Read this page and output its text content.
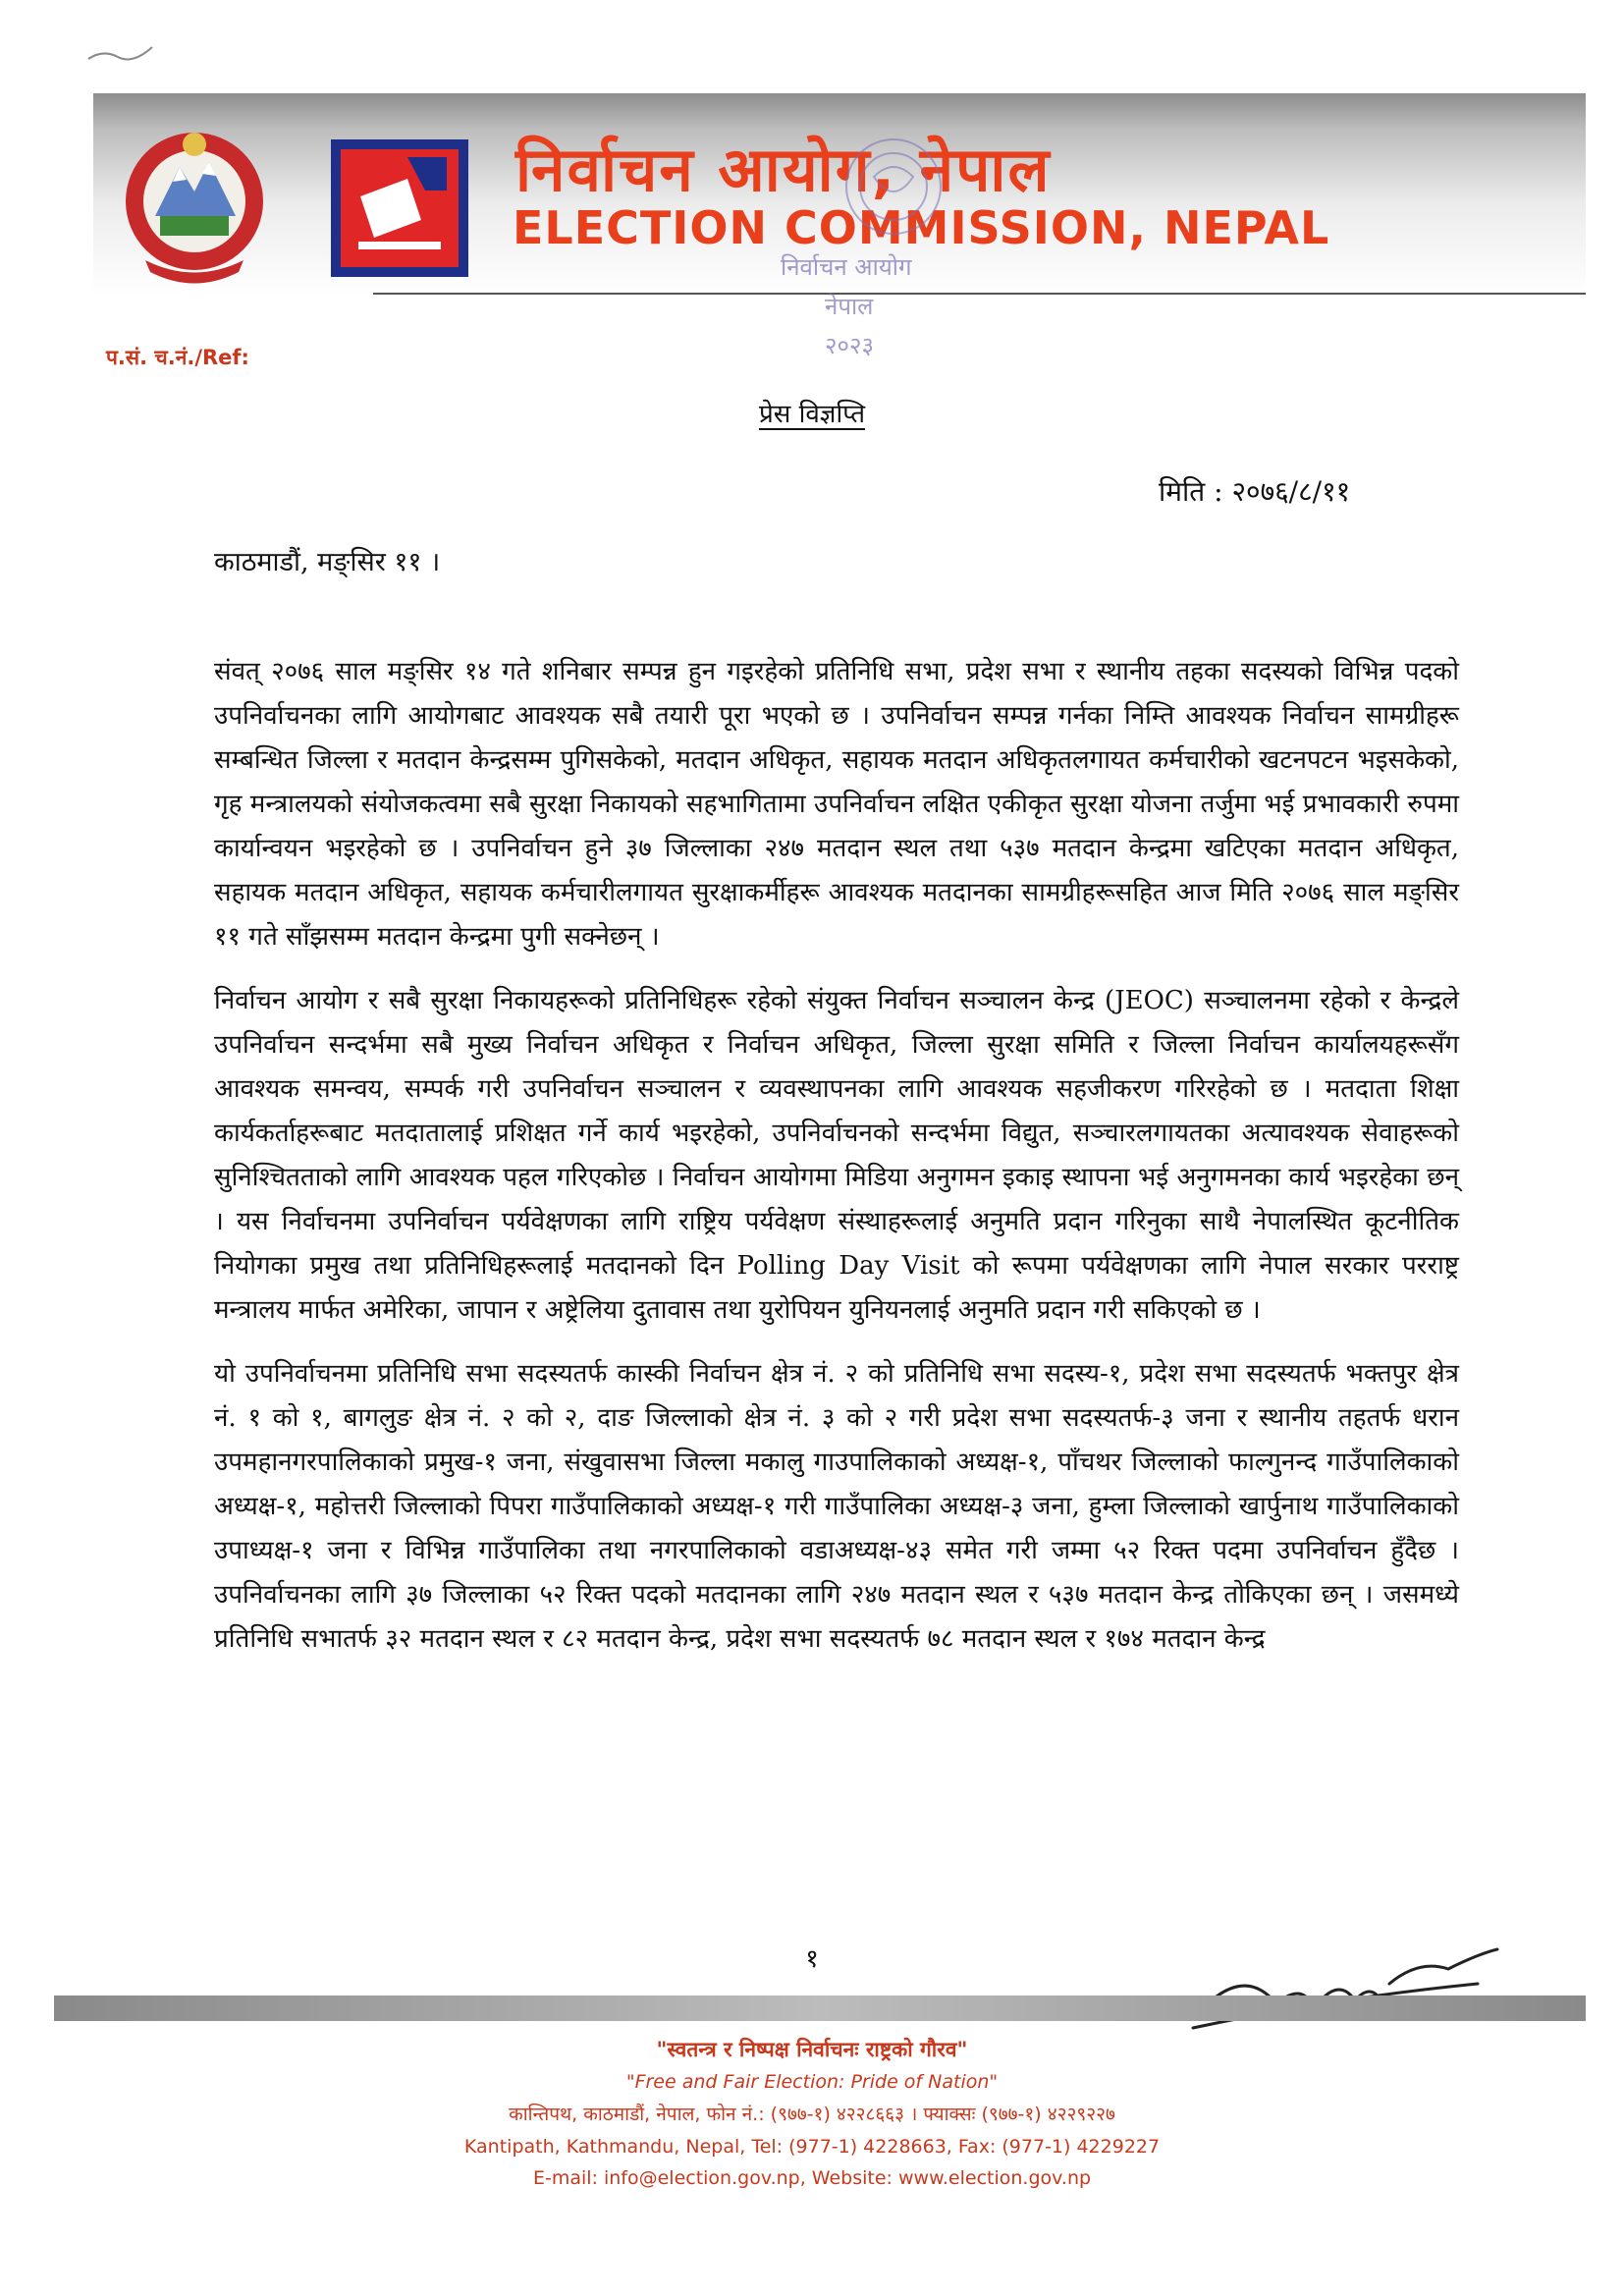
निर्वाचन आयोग, नेपाल
ELECTION COMMISSION, NEPAL
निर्वाचन आयोग
नेपाल
२०२३
प.सं. च.नं./Ref:
प्रेस विज्ञप्ति
मिति : २०७६/८/११
काठमाडौं, मङ्सिर ११ ।

संवत् २०७६ साल मङ्सिर १४ गते शनिबार सम्पन्न हुन गइरहेको प्रतिनिधि सभा, प्रदेश सभा र स्थानीय तहका सदस्यको विभिन्न पदको उपनिर्वाचनका लागि आयोगबाट आवश्यक सबै तयारी पूरा भएको छ । उपनिर्वाचन सम्पन्न गर्नका निम्ति आवश्यक निर्वाचन सामग्रीहरू सम्बन्धित जिल्ला र मतदान केन्द्रसम्म पुगिसकेको, मतदान अधिकृत, सहायक मतदान अधिकृतलगायत कर्मचारीको खटनपटन भइसकेको, गृह मन्त्रालयको संयोजकत्वमा सबै सुरक्षा निकायको सहभागितामा उपनिर्वाचन लक्षित एकीकृत सुरक्षा योजना तर्जुमा भई प्रभावकारी रुपमा कार्यान्वयन भइरहेको छ । उपनिर्वाचन हुने ३७ जिल्लाका २४७ मतदान स्थल तथा ५३७ मतदान केन्द्रमा खटिएका मतदान अधिकृत, सहायक मतदान अधिकृत, सहायक कर्मचारीलगायत सुरक्षाकर्मीहरू आवश्यक मतदानका सामग्रीहरूसहित आज मिति २०७६ साल मङ्सिर ११ गते साँझसम्म मतदान केन्द्रमा पुगी सक्नेछन् ।

निर्वाचन आयोग र सबै सुरक्षा निकायहरूको प्रतिनिधिहरू रहेको संयुक्त निर्वाचन सञ्चालन केन्द्र (JEOC) सञ्चालनमा रहेको र केन्द्रले उपनिर्वाचन सन्दर्भमा सबै मुख्य निर्वाचन अधिकृत र निर्वाचन अधिकृत, जिल्ला सुरक्षा समिति र जिल्ला निर्वाचन कार्यालयहरूसँग आवश्यक समन्वय, सम्पर्क गरी उपनिर्वाचन सञ्चालन र व्यवस्थापनका लागि आवश्यक सहजीकरण गरिरहेको छ । मतदाता शिक्षा कार्यकर्ताहरूबाट मतदातालाई प्रशिक्षत गर्ने कार्य भइरहेको, उपनिर्वाचनको सन्दर्भमा विद्युत, सञ्चारलगायतका अत्यावश्यक सेवाहरूको सुनिश्चितताको लागि आवश्यक पहल गरिएकोछ । निर्वाचन आयोगमा मिडिया अनुगमन इकाइ स्थापना भई अनुगमनका कार्य भइरहेका छन् । यस निर्वाचनमा उपनिर्वाचन पर्यवेक्षणका लागि राष्ट्रिय पर्यवेक्षण संस्थाहरूलाई अनुमति प्रदान गरिनुका साथै नेपालस्थित कूटनीतिक नियोगका प्रमुख तथा प्रतिनिधिहरूलाई मतदानको दिन Polling Day Visit को रूपमा पर्यवेक्षणका लागि नेपाल सरकार परराष्ट्र मन्त्रालय मार्फत अमेरिका, जापान र अष्ट्रेलिया दुतावास तथा युरोपियन युनियनलाई अनुमति प्रदान गरी सकिएको छ ।

यो उपनिर्वाचनमा प्रतिनिधि सभा सदस्यतर्फ कास्की निर्वाचन क्षेत्र नं. २ को प्रतिनिधि सभा सदस्य-१, प्रदेश सभा सदस्यतर्फ भक्तपुर क्षेत्र नं. १ को १, बागलुङ क्षेत्र नं. २ को २, दाङ जिल्लाको क्षेत्र नं. ३ को २ गरी प्रदेश सभा सदस्यतर्फ-३ जना र स्थानीय तहतर्फ धरान उपमहानगरपालिकाको प्रमुख-१ जना, संखुवासभा जिल्ला मकालु गाउपालिकाको अध्यक्ष-१, पाँचथर जिल्लाको फाल्गुनन्द गाउँपालिकाको अध्यक्ष-१, महोत्तरी जिल्लाको पिपरा गाउँपालिकाको अध्यक्ष-१ गरी गाउँपालिका अध्यक्ष-३ जना, हुम्ला जिल्लाको खार्पुनाथ गाउँपालिकाको उपाध्यक्ष-१ जना र विभिन्न गाउँपालिका तथा नगरपालिकाको वडाअध्यक्ष-४३ समेत गरी जम्मा ५२ रिक्त पदमा उपनिर्वाचन हुँदैछ । उपनिर्वाचनका लागि ३७ जिल्लाका ५२ रिक्त पदको मतदानका लागि २४७ मतदान स्थल र ५३७ मतदान केन्द्र तोकिएका छन् । जसमध्ये प्रतिनिधि सभातर्फ ३२ मतदान स्थल र ८२ मतदान केन्द्र, प्रदेश सभा सदस्यतर्फ ७८ मतदान स्थल र १७४ मतदान केन्द्र

१
"स्वतन्त्र र निष्पक्ष निर्वाचनः राष्ट्रको गौरव"
"Free and Fair Election: Pride of Nation"
कान्तिपथ, काठमाडौं, नेपाल, फोन नं.: (९७७-१) ४२२८६६३ । फ्याक्सः (९७७-१) ४२२९२२७
Kantipath, Kathmandu, Nepal, Tel: (977-1) 4228663, Fax: (977-1) 4229227
E-mail: info@election.gov.np, Website: www.election.gov.np
